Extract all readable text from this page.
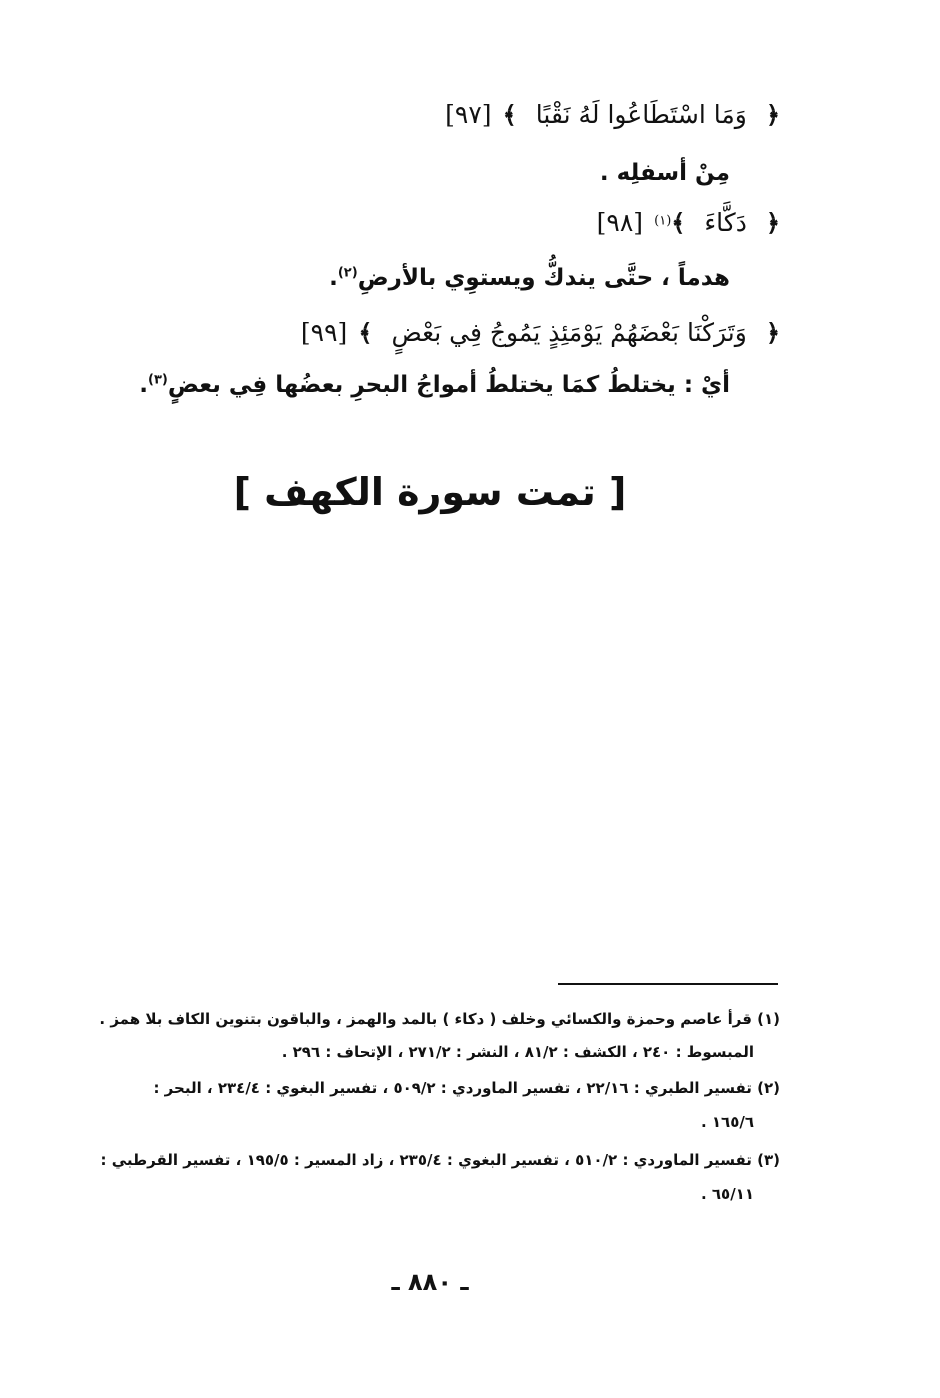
﴿ وَمَا اسْتَطَاعُوا لَهُ نَقْبًا ﴾ [٩٧]
مِنْ أسفلِه .
﴿ دَكَّاءَ ﴾$^{(١)}$ [٩٨]
هدماً ، حتَّى يندكُّ ويستوِي بالأرضِ$^{(٢)}$.
﴿ وَتَرَكْنَا بَعْضَهُمْ يَوْمَئِذٍ يَمُوجُ فِي بَعْضٍ ﴾ [٩٩]
أيْ : يختلطُ كمَا يختلطُ أمواجُ البحرِ بعضُها فِي بعضٍ$^{(٣)}$.
[ تمت سورة الكهف ]
(١) قرأ عاصم وحمزة والكسائي وخلف ( دكاء ) بالمد والهمز ، والباقون بتنوين الكاف بلا همز .
المبسوط : ٢٤٠ ، الكشف : ٨١/٢ ، النشر : ٢٧١/٢ ، الإتحاف : ٢٩٦ .
(٢) تفسير الطبري : ٢٢/١٦ ، تفسير الماوردي : ٥٠٩/٢ ، تفسير البغوي : ٢٣٤/٤ ، البحر :
١٦٥/٦ .
(٣) تفسير الماوردي : ٥١٠/٢ ، تفسير البغوي : ٢٣٥/٤ ، زاد المسير : ١٩٥/٥ ، تفسير القرطبي :
٦٥/١١ .
ـ ٨٨٠ ـ
